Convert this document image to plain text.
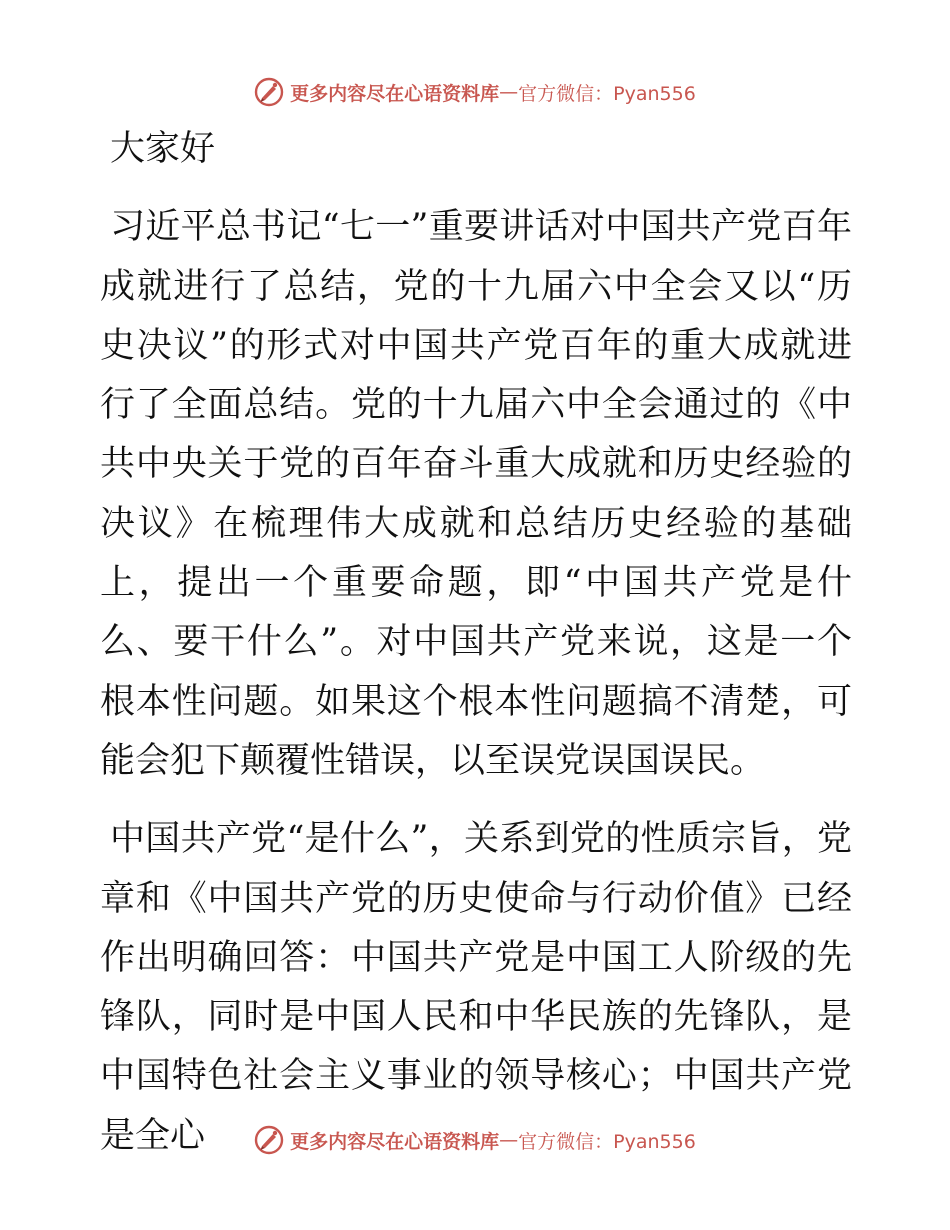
更多内容尽在心语资料库 — 官方微信：Pyan556

大家好

习近平总书记“七一”重要讲话对中国共产党百年成就进行了总结，党的十九届六中全会又以“历史决议”的形式对中国共产党百年的重大成就进行了全面总结。党的十九届六中全会通过的《中共中央关于党的百年奋斗重大成就和历史经验的决议》在梳理伟大成就和总结历史经验的基础上，提出一个重要命题，即“中国共产党是什么、要干什么”。对中国共产党来说，这是一个根本性问题。如果这个根本性问题搞不清楚，可能会犯下颠覆性错误，以至误党误国误民。

中国共产党“是什么”，关系到党的性质宗旨，党章和《中国共产党的历史使命与行动价值》已经作出明确回答：中国共产党是中国工人阶级的先锋队，同时是中国人民和中华民族的先锋队，是中国特色社会主义事业的领导核心；中国共产党是全心	更多内容尽在心语资料库 — 官方微信：Pyan556
